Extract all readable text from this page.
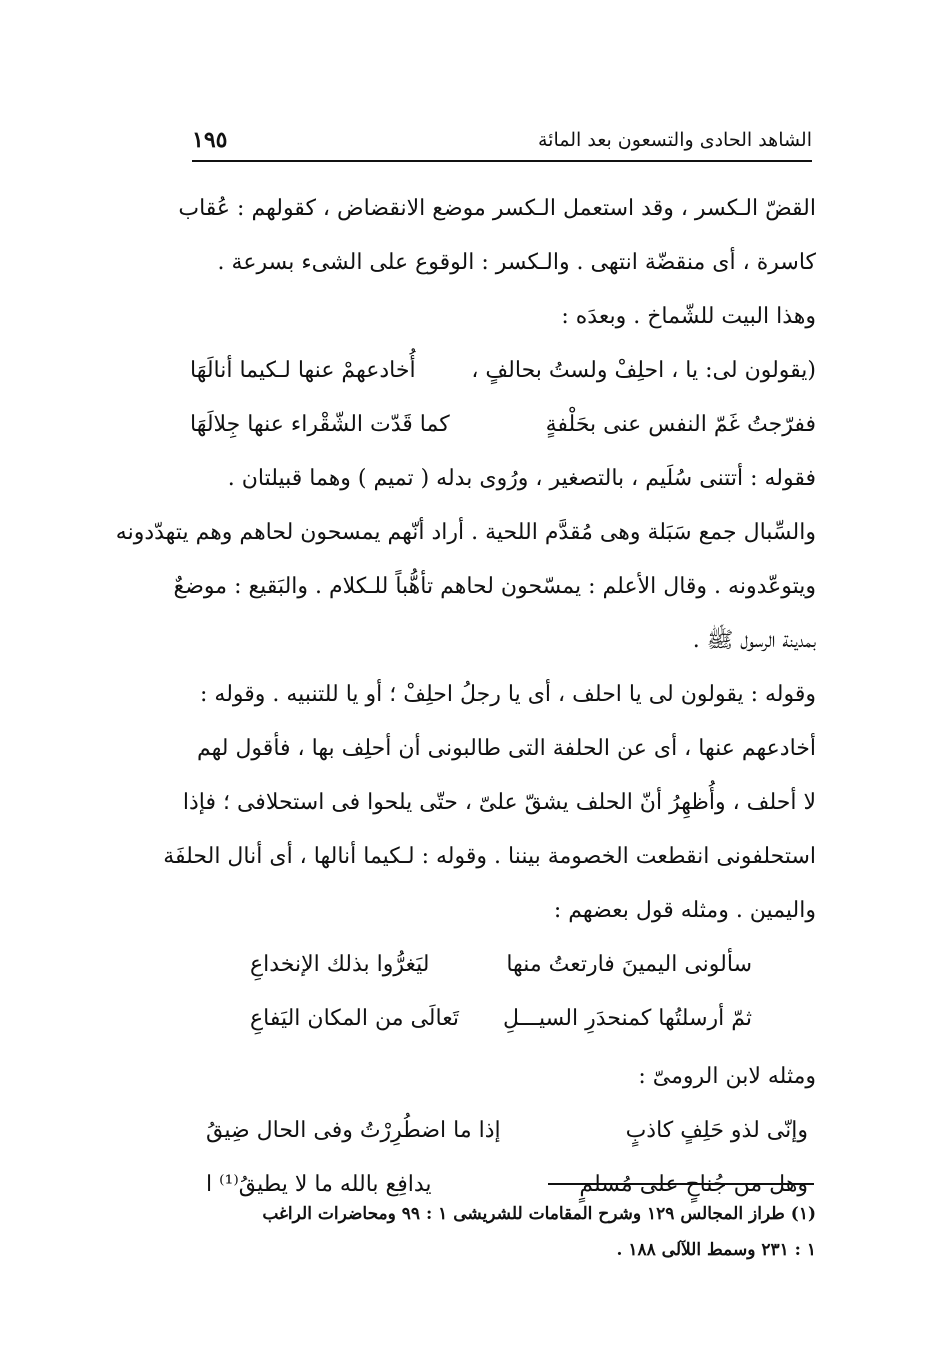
الشاهد الحادى والتسعون بعد المائة
١٩٥

القضّ الـكسر ، وقد استعمل الـكسر موضع الانقضاض ، كقولهم : عُقاب
كاسرة ، أى منقضّة انتهى . والـكسر : الوقوع على الشىء بسرعة .

وهذا البيت للشّماخ . وبعدَه :

(يقولون لى: يا ، احلِفْ ولستُ بحالفٍ ،
أُخادعهمْ عنها لـكيما أنالَهَا
ففرّجتُ غَمّ النفس عنى بحَلْفةٍ
كما قَدّت الشّقْراء عنها جِلالَهَا

فقوله : أتتنى سُلَيم ، بالتصغير ، ورُوى بدله ( تميم ) وهما قبيلتان .
والسِّبال جمع سَبَلة وهى مُقدَّم اللحية . أراد أنّهم يمسحون لحاهم وهم يتهدّدونه
ويتوعّدونه . وقال الأعلم : يمسّحون لحاهم تأهُّباً للـكلام . والبَقيع : موضعٌ
بمدينة الرسول ﷺ .

وقوله : يقولون لى يا احلف ، أى يا رجلُ احلِفْ ؛ أو يا للتنبيه . وقوله :
أخادعهم عنها ، أى عن الحلفة التى طالبونى أن أحلِف بها ، فأقول لهم
لا أحلف ، وأُظهِرُ أنّ الحلف يشقّ علىّ ، حتّى يلحوا فى استحلافى ؛ فإذا
استحلفونى انقطعت الخصومة بيننا . وقوله : لـكيما أنالها ، أى أنال الحلفَة
واليمين . ومثله قول بعضهم :

سألونى اليمينَ فارتعتُ منها
ليَغرُّوا بذلك الإنخداعِ
ثمّ أرسلتُها كمنحدَرِ السيـــلِ
تَعالَى من المكان اليَفاعِ

ومثله لابن الرومىّ :

وإنّى لذو حَلِفٍ كاذبٍ
إذا ما اضطُرِرْتُ وفى الحال ضِيقُ
وهل من جُناحٍ على مُسلمٍ
يدافِع بالله ما لا يطيقُ⁽¹⁾ ا
(١) طراز المجالس ١٢٩ وشرح المقامات للشريشى ١ : ٩٩ ومحاضرات الراغب
١ : ٢٣١ وسمط اللآلى ١٨٨ .
